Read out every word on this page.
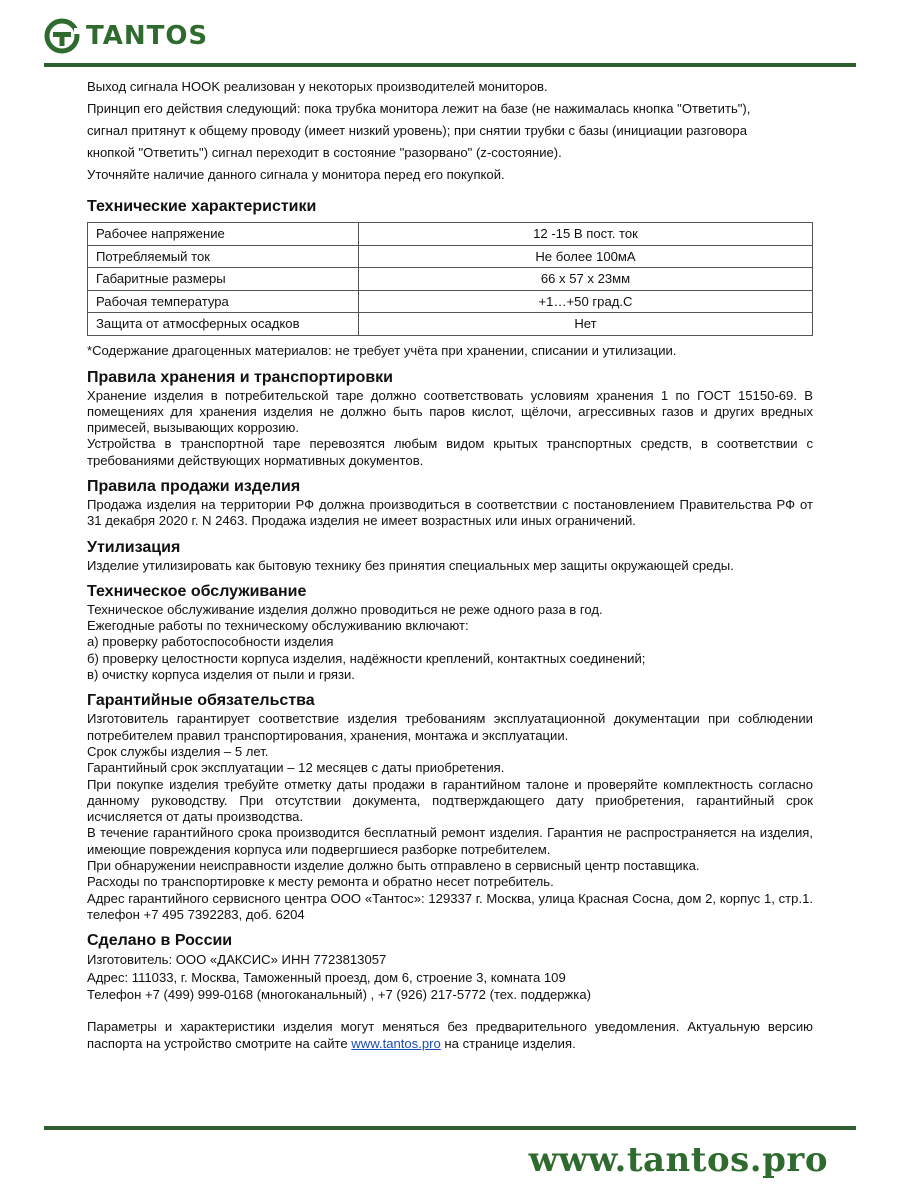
TANTOS

Выход сигнала HOOK реализован у некоторых производителей мониторов.

Принцип его действия следующий: пока трубка монитора лежит на базе (не нажималась кнопка "Ответить"),

сигнал притянут к общему проводу (имеет низкий уровень); при снятии трубки с базы (инициации разговора

кнопкой "Ответить") сигнал переходит в состояние "разорвано" (z-состояние).

Уточняйте наличие данного сигнала у монитора перед его покупкой.

Технические характеристики
Рабочее напряжение	12 -15 В пост. ток
Потребляемый ток	Не более 100мА
Габаритные размеры	66 x 57 x 23мм
Рабочая температура	+1…+50 град.С
Защита от атмосферных осадков	Нет
*Содержание драгоценных материалов: не требует учёта при хранении, списании и утилизации.
Правила хранения и транспортировки

Хранение изделия в потребительской таре должно соответствовать условиям хранения 1 по ГОСТ 15150-69. В помещениях для хранения изделия не должно быть паров кислот, щёлочи, агрессивных газов и других вредных примесей, вызывающих коррозию.

Устройства в транспортной таре перевозятся любым видом крытых транспортных средств, в соответствии с требованиями действующих нормативных документов.

Правила продажи изделия

Продажа изделия на территории РФ должна производиться в соответствии с постановлением Правительства РФ от 31 декабря 2020 г. N 2463. Продажа изделия не имеет возрастных или иных ограничений.

Утилизация

Изделие утилизировать как бытовую технику без принятия специальных мер защиты окружающей среды.

Техническое обслуживание

Техническое обслуживание изделия должно проводиться не реже одного раза в год.

Ежегодные работы по техническому обслуживанию включают:

а) проверку работоспособности изделия

б) проверку целостности корпуса изделия, надёжности креплений, контактных соединений;

в) очистку корпуса изделия от пыли и грязи.

Гарантийные обязательства

Изготовитель гарантирует соответствие изделия требованиям эксплуатационной документации при соблюдении потребителем правил транспортирования, хранения, монтажа и эксплуатации.

Срок службы изделия – 5 лет.

Гарантийный срок эксплуатации – 12 месяцев с даты приобретения.

При покупке изделия требуйте отметку даты продажи в гарантийном талоне и проверяйте комплектность согласно данному руководству. При отсутствии документа, подтверждающего дату приобретения, гарантийный срок исчисляется от даты производства.

В течение гарантийного срока производится бесплатный ремонт изделия. Гарантия не распространяется на изделия, имеющие повреждения корпуса или подвергшиеся разборке потребителем.

При обнаружении неисправности изделие должно быть отправлено в сервисный центр поставщика.

Расходы по транспортировке к месту ремонта и обратно несет потребитель.

Адрес гарантийного сервисного центра ООО «Тантос»: 129337 г. Москва, улица Красная Сосна, дом 2, корпус 1, стр.1. телефон +7 495 7392283, доб. 6204

Сделано в России

Изготовитель: ООО «ДАКСИС» ИНН 7723813057

Адрес: 111033, г. Москва, Таможенный проезд, дом 6, строение 3, комната 109

Телефон +7 (499) 999-0168 (многоканальный) , +7 (926) 217-5772 (тех. поддержка)

Параметры и характеристики изделия могут меняться без предварительного уведомления. Актуальную версию паспорта на устройство смотрите на сайте www.tantos.pro на странице изделия.
www.tantos.pro
